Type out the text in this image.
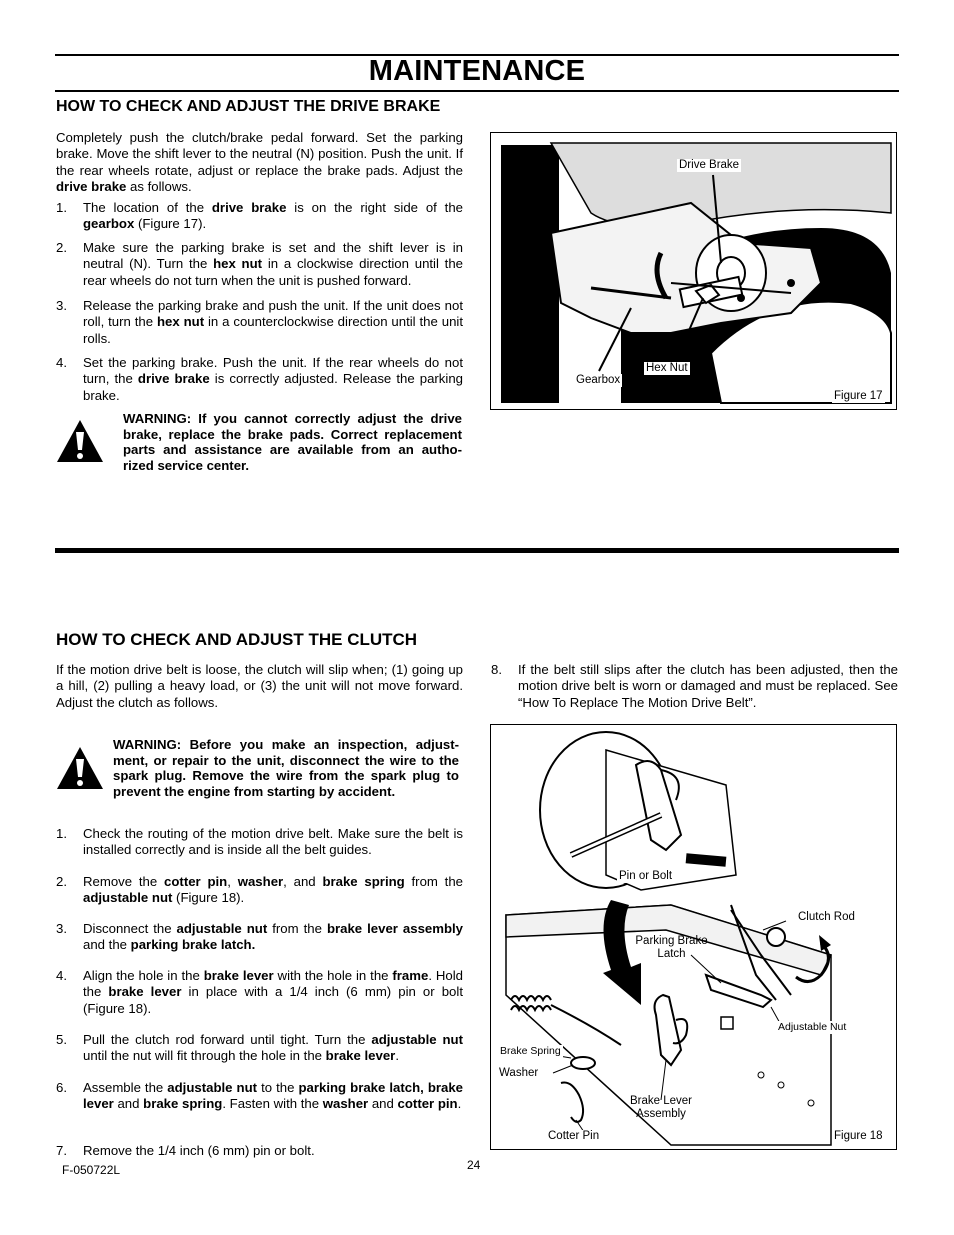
MAINTENANCE
HOW TO CHECK AND ADJUST THE DRIVE BRAKE
Completely push the clutch/brake pedal forward. Set the parking brake. Move the shift lever to the neutral (N) position. Push the unit. If the rear wheels rotate, adjust or replace the brake pads. Adjust the drive brake as follows.
1. The location of the drive brake is on the right side of the gearbox (Figure 17).
2. Make sure the parking brake is set and the shift lever is in neutral (N). Turn the hex nut in a clockwise direction until the rear wheels do not turn when the unit is pushed forward.
3. Release the parking brake and push the unit. If the unit does not roll, turn the hex nut in a counterclockwise direction until the unit rolls.
4. Set the parking brake. Push the unit. If the rear wheels do not turn, the drive brake is correctly adjusted. Release the parking brake.
WARNING: If you cannot correctly adjust the drive brake, replace the brake pads. Correct replacement parts and assistance are available from an autho-rized service center.
Drive Brake
Hex Nut
Gearbox
Figure 17
HOW TO CHECK AND ADJUST THE CLUTCH
If the motion drive belt is loose, the clutch will slip when; (1) going up a hill, (2) pulling a heavy load, or (3) the unit will not move forward. Adjust the clutch as follows.
WARNING: Before you make an inspection, adjust-ment, or repair to the unit, disconnect the wire to the spark plug. Remove the wire from the spark plug to prevent the engine from starting by accident.
1. Check the routing of the motion drive belt. Make sure the belt is installed correctly and is inside all the belt guides.
2. Remove the cotter pin, washer, and brake spring from the adjustable nut (Figure 18).
3. Disconnect the adjustable nut from the brake lever assembly and the parking brake latch.
4. Align the hole in the brake lever with the hole in the frame. Hold the brake lever in place with a 1/4 inch (6 mm) pin or bolt (Figure 18).
5. Pull the clutch rod forward until tight. Turn the adjustable nut until the nut will fit through the hole in the brake lever.
6. Assemble the adjustable nut to the parking brake latch, brake lever and brake spring. Fasten with the washer and cotter pin.
7. Remove the 1/4 inch (6 mm) pin or bolt.
8. If the belt still slips after the clutch has been adjusted, then the motion drive belt is worn or damaged and must be replaced. See “How To Replace The Motion Drive Belt”.
Pin or Bolt
Clutch Rod
Parking Brake
Latch
Adjustable Nut
Brake Spring
Washer
Brake Lever
Assembly
Cotter Pin	Figure 18
F-050722L	24
